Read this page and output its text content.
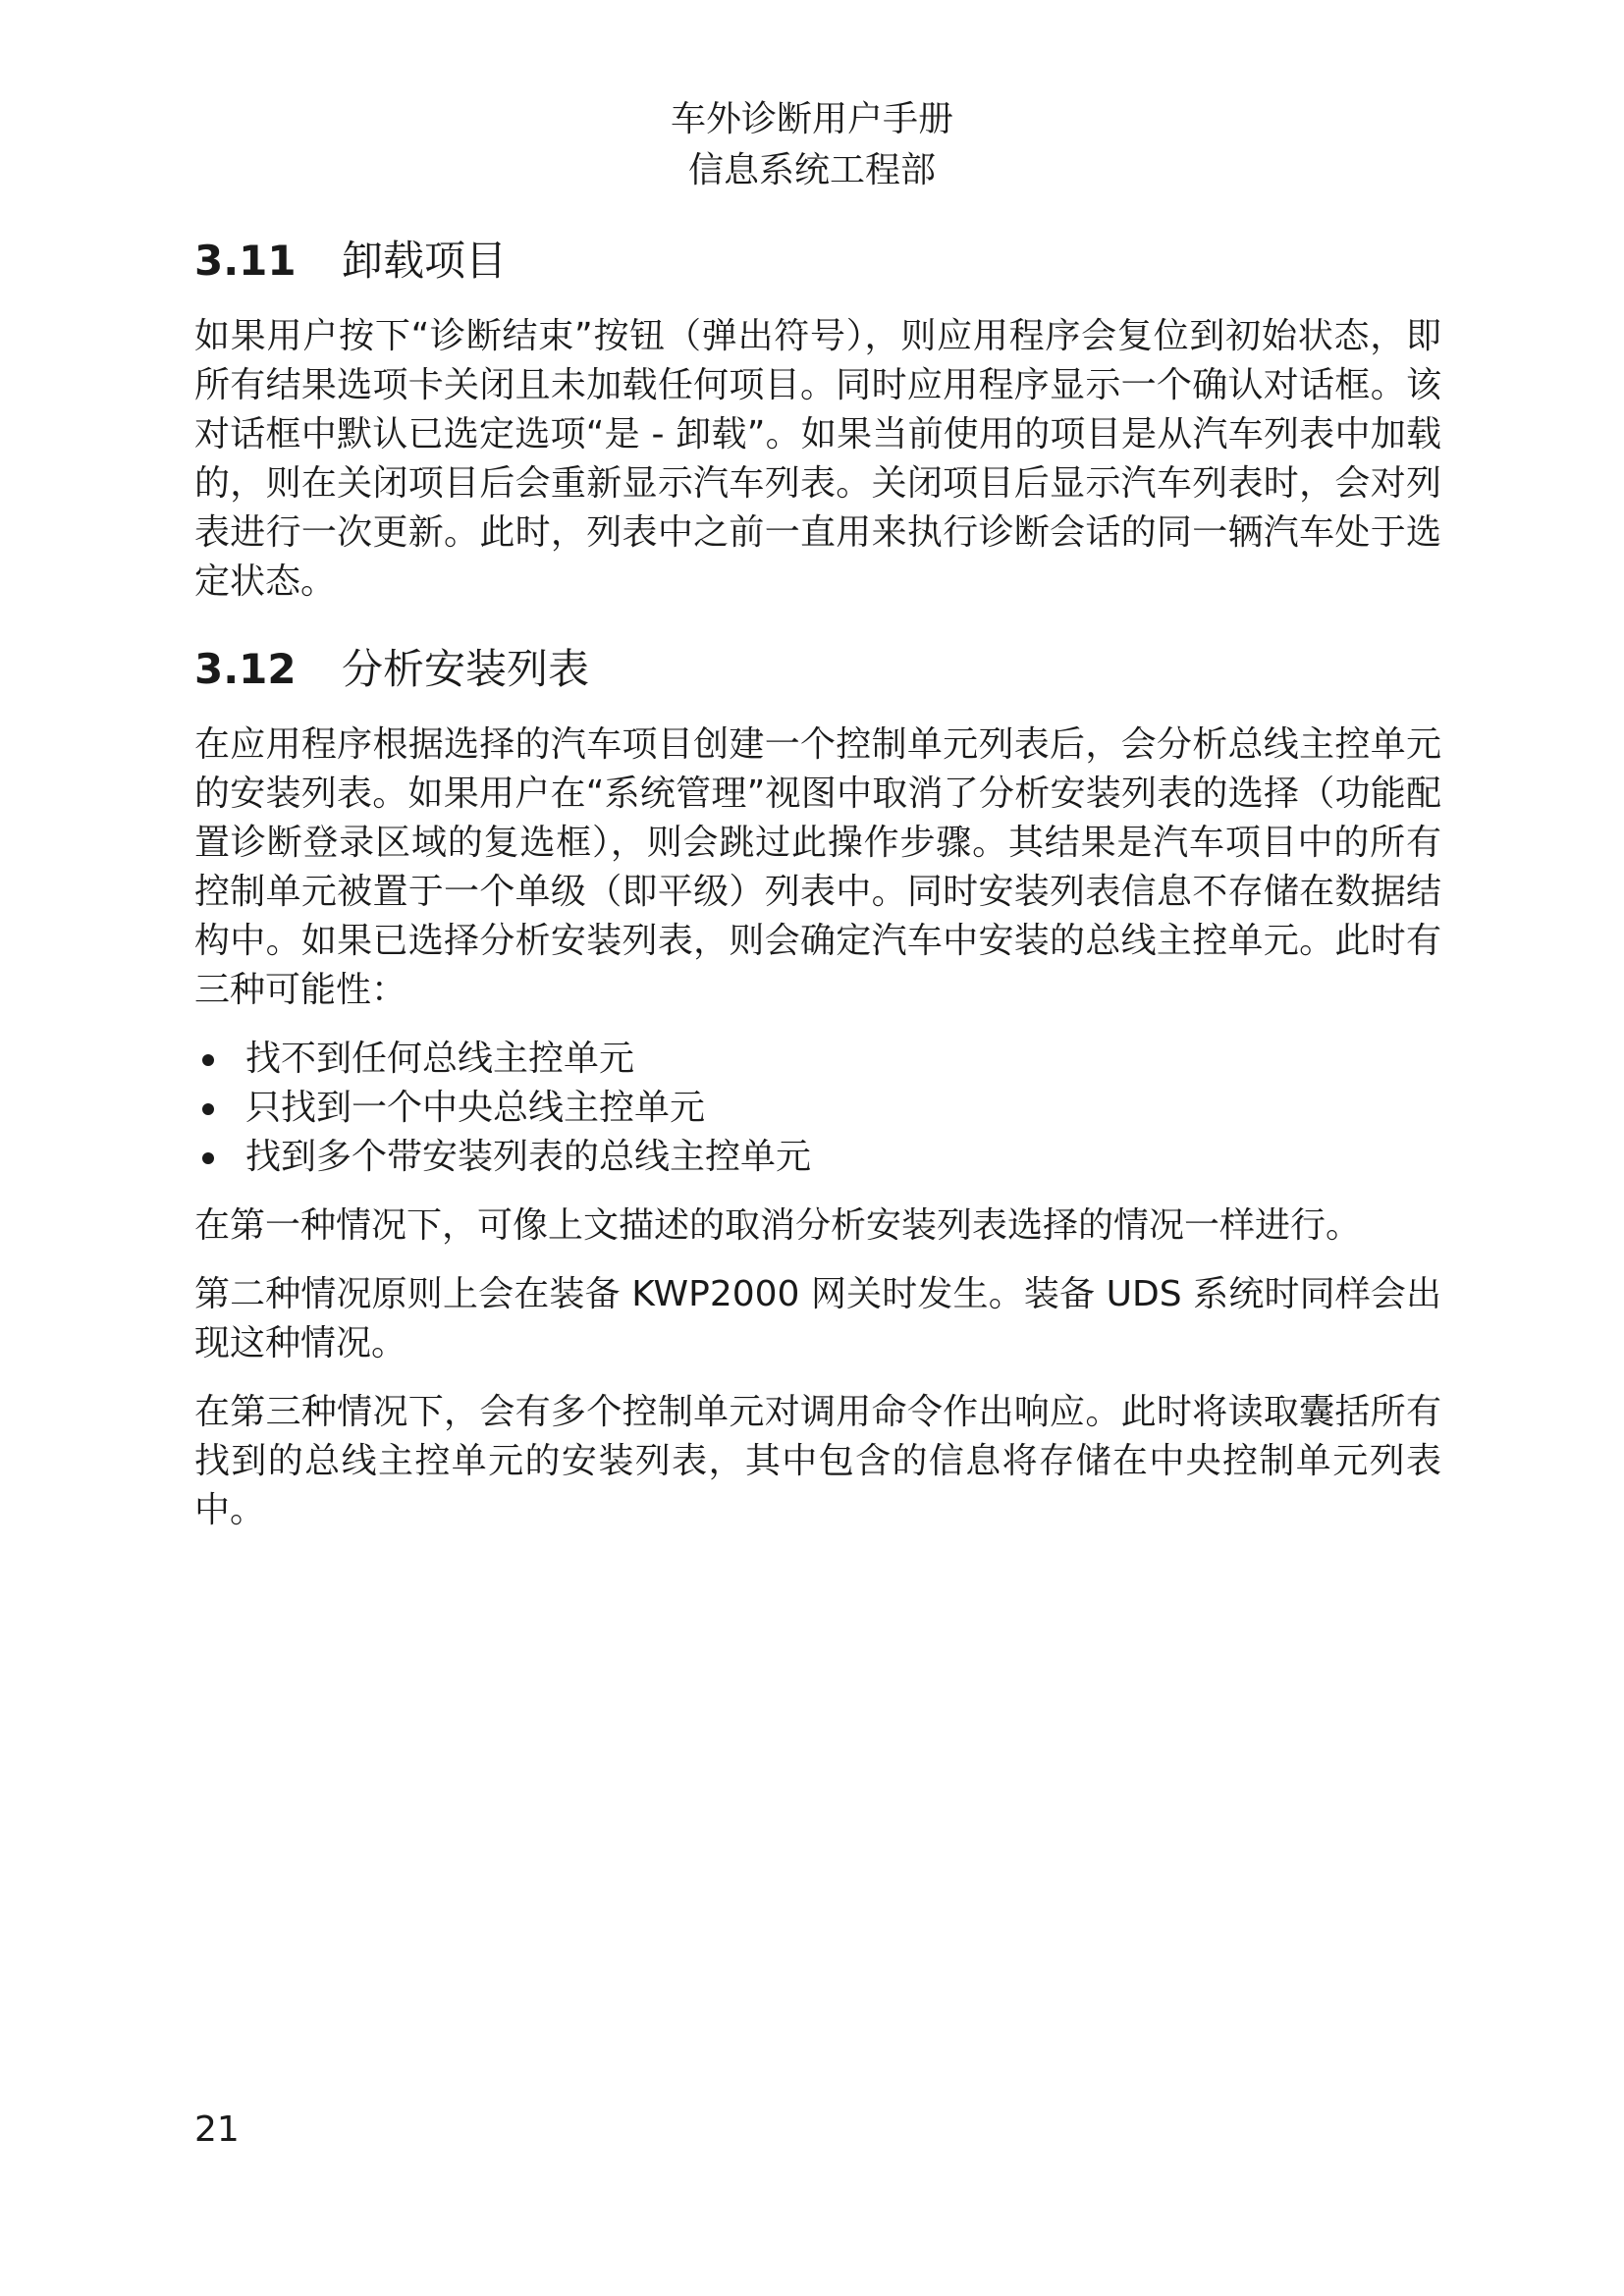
车外诊断用户手册
信息系统工程部
3.11	卸载项目

如果用户按下“诊断结束”按钮（弹出符号），则应用程序会复位到初始状态，即所有结果选项卡关闭且未加载任何项目。同时应用程序显示一个确认对话框。该对话框中默认已选定选项“是 - 卸载”。如果当前使用的项目是从汽车列表中加载的，则在关闭项目后会重新显示汽车列表。关闭项目后显示汽车列表时，会对列表进行一次更新。此时，列表中之前一直用来执行诊断会话的同一辆汽车处于选定状态。

3.12	分析安装列表

在应用程序根据选择的汽车项目创建一个控制单元列表后，会分析总线主控单元的安装列表。如果用户在“系统管理”视图中取消了分析安装列表的选择（功能配置诊断登录区域的复选框），则会跳过此操作步骤。其结果是汽车项目中的所有控制单元被置于一个单级（即平级）列表中。同时安装列表信息不存储在数据结构中。如果已选择分析安装列表，则会确定汽车中安装的总线主控单元。此时有三种可能性：

找不到任何总线主控单元
只找到一个中央总线主控单元
找到多个带安装列表的总线主控单元

在第一种情况下，可像上文描述的取消分析安装列表选择的情况一样进行。

第二种情况原则上会在装备 KWP2000 网关时发生。装备 UDS 系统时同样会出现这种情况。

在第三种情况下，会有多个控制单元对调用命令作出响应。此时将读取囊括所有找到的总线主控单元的安装列表，其中包含的信息将存储在中央控制单元列表中。

21
